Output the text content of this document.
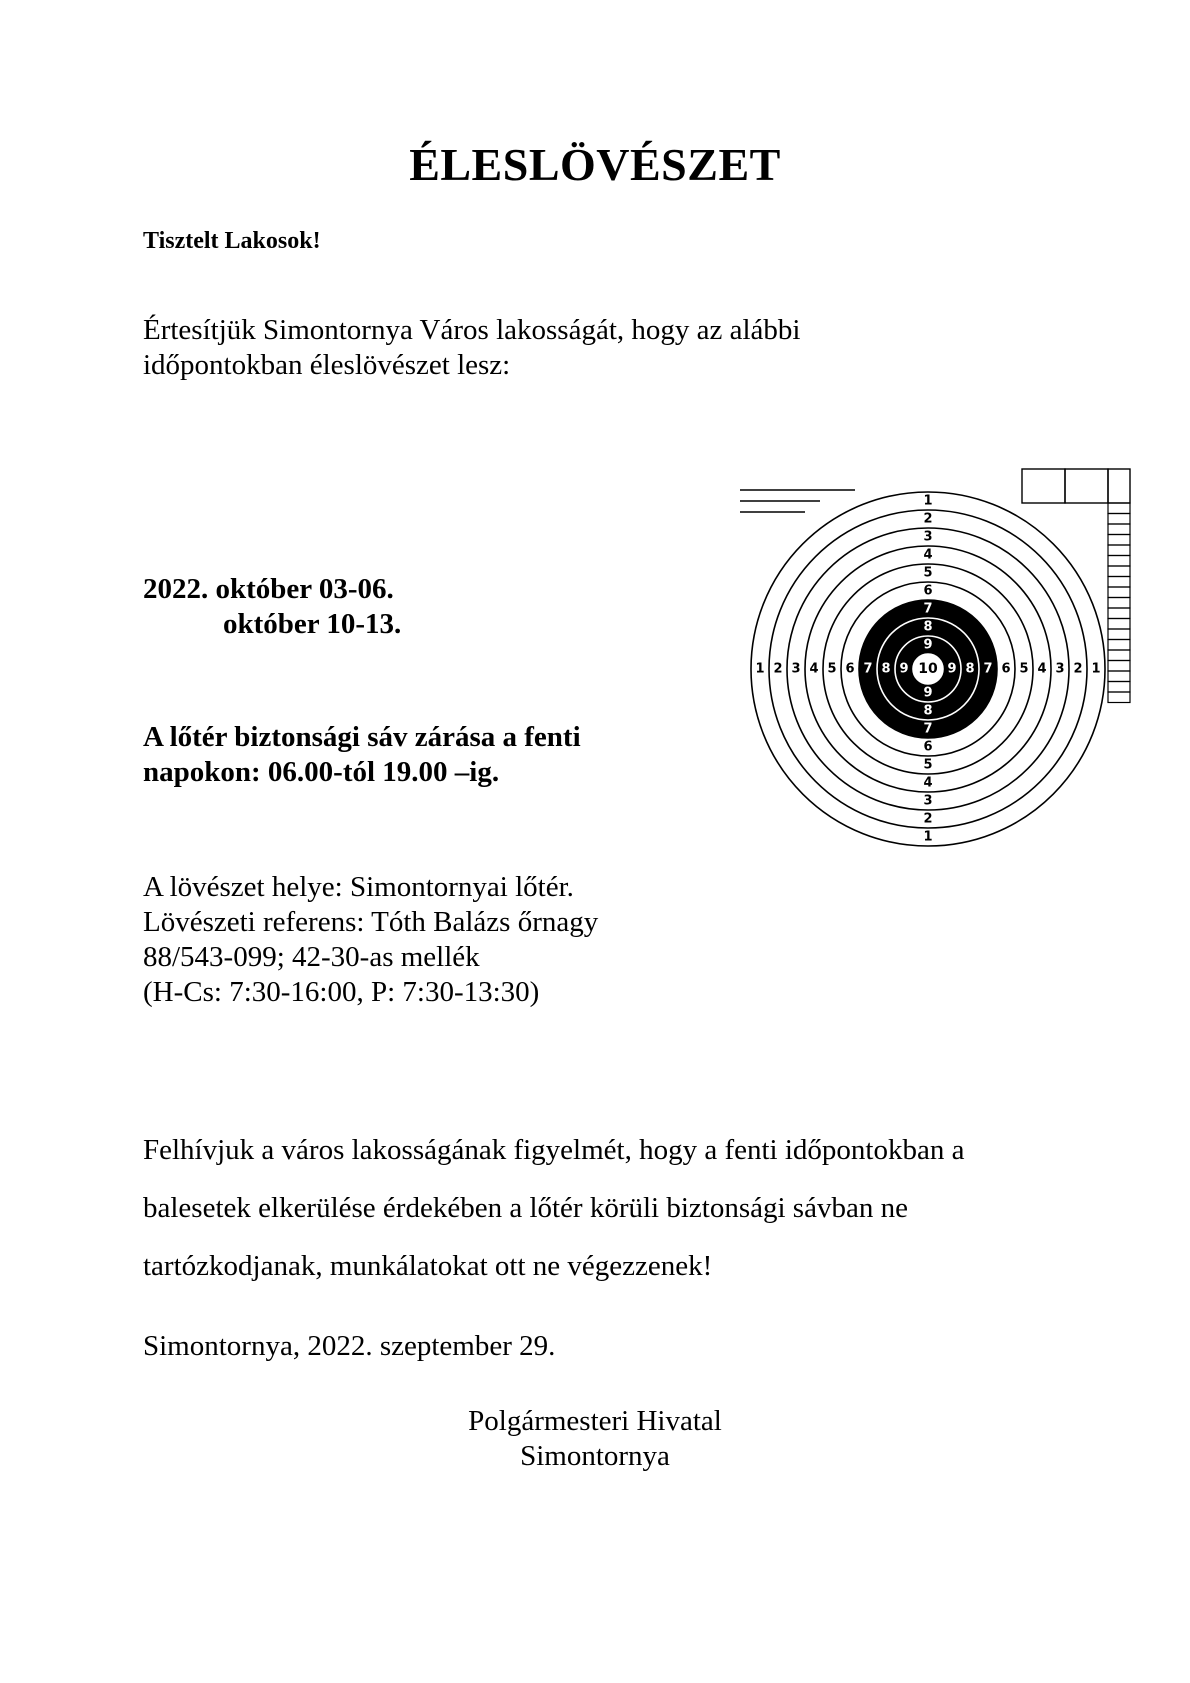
ÉLESLÖVÉSZET
Tisztelt Lakosok!
Értesítjük Simontornya Város lakosságát, hogy az alábbi
időpontokban éleslövészet lesz:
2022. október 03-06.
október 10-13.
A lőtér biztonsági sáv zárása a fenti
napokon: 06.00-tól 19.00 –ig.
A lövészet helye: Simontornyai lőtér.
Lövészeti referens: Tóth Balázs őrnagy
88/543-099; 42-30-as mellék
(H-Cs: 7:30-16:00, P: 7:30-13:30)
Felhívjuk a város lakosságának figyelmét, hogy a fenti időpontokban a
balesetek elkerülése érdekében a lőtér körüli biztonsági sávban ne
tartózkodjanak, munkálatokat ott ne végezzenek!
Simontornya, 2022. szeptember 29.
Polgármesteri Hivatal
Simontornya
1
1
1	1
2
2
2	2
3
3
3	3
4
4
4	4
5
5
5	5
6
6
6	6
7
7
7	7
8
8
8	8
9
9
9	9
10
